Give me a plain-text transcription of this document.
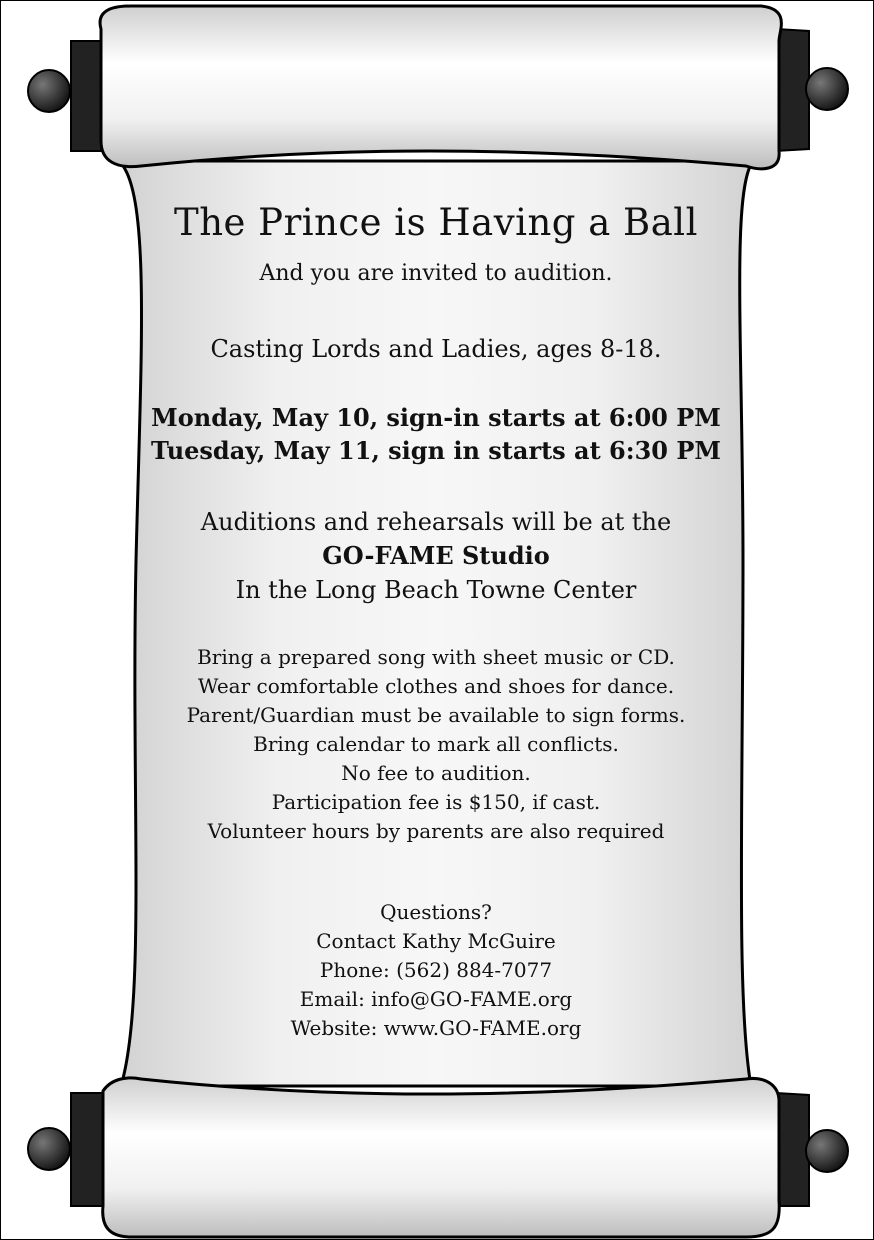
The Prince is Having a Ball
And you are invited to audition.
Casting Lords and Ladies, ages 8-18.
Monday, May 10, sign-in starts at 6:00 PM
Tuesday, May 11, sign in starts at 6:30 PM
Auditions and rehearsals will be at the
GO-FAME Studio
In the Long Beach Towne Center
Bring a prepared song with sheet music or CD.
Wear comfortable clothes and shoes for dance.
Parent/Guardian must be available to sign forms.
Bring calendar to mark all conflicts.
No fee to audition.
Participation fee is $150, if cast.
Volunteer hours by parents are also required
Questions?
Contact Kathy McGuire
Phone: (562) 884-7077
Email: info@GO-FAME.org
Website: www.GO-FAME.org
